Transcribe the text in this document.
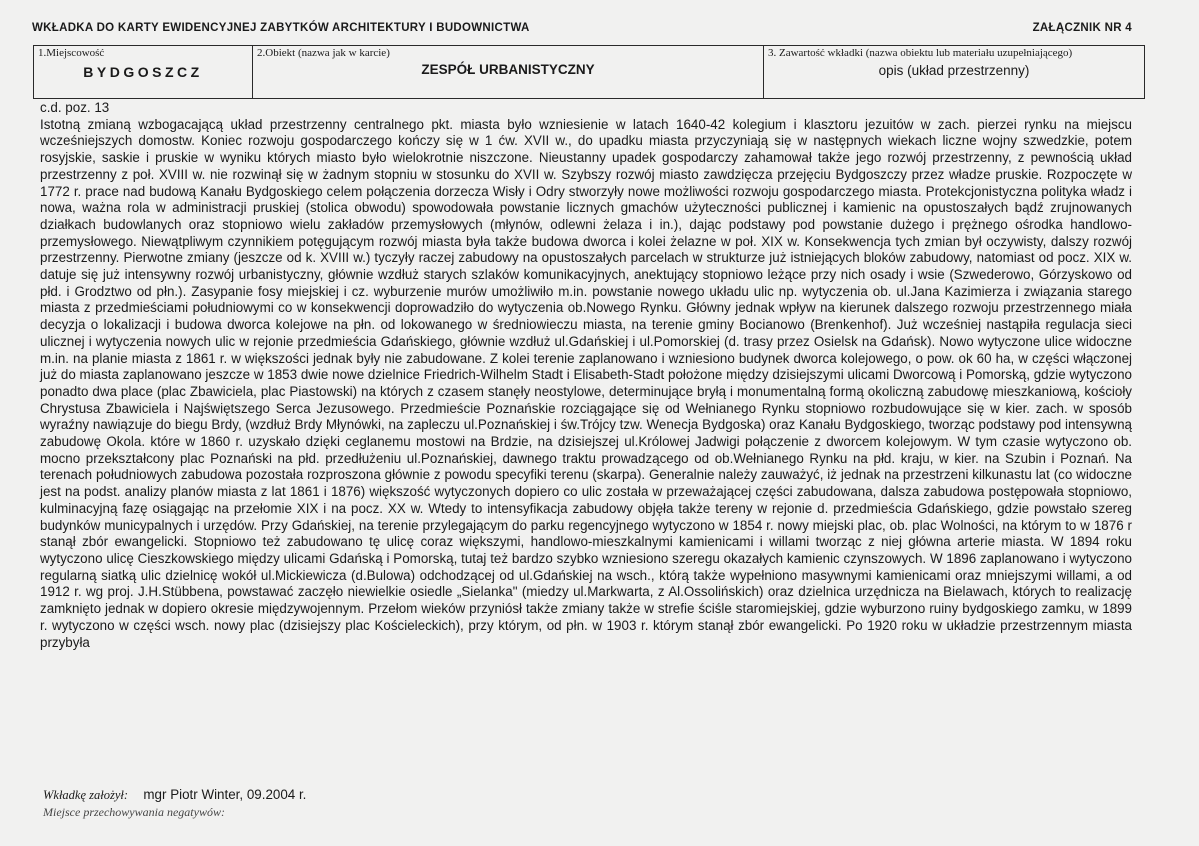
WKŁADKA DO KARTY EWIDENCYJNEJ ZABYTKÓW ARCHITEKTURY I BUDOWNICTWA	ZAŁĄCZNIK NR 4
1.Miejscowość
BYDGOSZCZ
2.Obiekt (nazwa jak w karcie)
ZESPÓŁ URBANISTYCZNY
3. Zawartość wkładki (nazwa obiektu lub materiału uzupełniającego)
opis (układ przestrzenny)

c.d. poz. 13

Istotną zmianą wzbogacającą układ przestrzenny centralnego pkt. miasta było wzniesienie w latach 1640-42 kolegium i klasztoru jezuitów w zach. pierzei rynku na miejscu wcześniejszych domostw. Koniec rozwoju gospodarczego kończy się w 1 ćw. XVII w., do upadku miasta przyczyniają się w następnych wiekach liczne wojny szwedzkie, potem rosyjskie, saskie i pruskie w wyniku których miasto było wielokrotnie niszczone. Nieustanny upadek gospodarczy zahamował także jego rozwój przestrzenny, z pewnością układ przestrzenny z poł. XVIII w. nie rozwinął się w żadnym stopniu w stosunku do XVII w. Szybszy rozwój miasto zawdzięcza przejęciu Bydgoszczy przez władze pruskie. Rozpoczęte w 1772 r. prace nad budową Kanału Bydgoskiego celem połączenia dorzecza Wisły i Odry stworzyły nowe możliwości rozwoju gospodarczego miasta. Protekcjonistyczna polityka władz i nowa, ważna rola w administracji pruskiej (stolica obwodu) spowodowała powstanie licznych gmachów użyteczności publicznej i kamienic na opustoszałych bądź zrujnowanych działkach budowlanych oraz stopniowo wielu zakładów przemysłowych (młynów, odlewni żelaza i in.), dając podstawy pod powstanie dużego i prężnego ośrodka handlowo-przemysłowego. Niewątpliwym czynnikiem potęgującym rozwój miasta była także budowa dworca i kolei żelazne w poł. XIX w. Konsekwencja tych zmian był oczywisty, dalszy rozwój przestrzenny. Pierwotne zmiany (jeszcze od k. XVIII w.) tyczyły raczej zabudowy na opustoszałych parcelach w strukturze już istniejących bloków zabudowy, natomiast od pocz. XIX w. datuje się już intensywny rozwój urbanistyczny, głównie wzdłuż starych szlaków komunikacyjnych, anektujący stopniowo leżące przy nich osady i wsie (Szwederowo, Górzyskowo od płd. i Grodztwo od płn.). Zasypanie fosy miejskiej i cz. wyburzenie murów umożliwiło m.in. powstanie nowego układu ulic np. wytyczenia ob. ul.Jana Kazimierza i związania starego miasta z przedmieściami południowymi co w konsekwencji doprowadziło do wytyczenia ob.Nowego Rynku. Główny jednak wpływ na kierunek dalszego rozwoju przestrzennego miała decyzja o lokalizacji i budowa dworca kolejowe na płn. od lokowanego w średniowieczu miasta, na terenie gminy Bocianowo (Brenkenhof). Już wcześniej nastąpiła regulacja sieci ulicznej i wytyczenia nowych ulic w rejonie przedmieścia Gdańskiego, głównie wzdłuż ul.Gdańskiej i ul.Pomorskiej (d. trasy przez Osielsk na Gdańsk). Nowo wytyczone ulice widoczne m.in. na planie miasta z 1861 r. w większości jednak były nie zabudowane. Z kolei terenie zaplanowano i wzniesiono budynek dworca kolejowego, o pow. ok 60 ha, w części włączonej już do miasta zaplanowano jeszcze w 1853 dwie nowe dzielnice Friedrich-Wilhelm Stadt i Elisabeth-Stadt położone między dzisiejszymi ulicami Dworcową i Pomorską, gdzie wytyczono ponadto dwa place (plac Zbawiciela, plac Piastowski) na których z czasem stanęły neostylowe, determinujące bryłą i monumentalną formą okoliczną zabudowę mieszkaniową, kościoły Chrystusa Zbawiciela i Najświętszego Serca Jezusowego. Przedmieście Poznańskie rozciągające się od Wełnianego Rynku stopniowo rozbudowujące się w kier. zach. w sposób wyraźny nawiązuje do biegu Brdy, (wzdłuż Brdy Młynówki, na zapleczu ul.Poznańskiej i św.Trójcy tzw. Wenecja Bydgoska) oraz Kanału Bydgoskiego, tworząc podstawy pod intensywną zabudowę Okola. które w 1860 r. uzyskało dzięki ceglanemu mostowi na Brdzie, na dzisiejszej ul.Królowej Jadwigi połączenie z dworcem kolejowym. W tym czasie wytyczono ob. mocno przekształcony plac Poznański na płd. przedłużeniu ul.Poznańskiej, dawnego traktu prowadzącego od ob.Wełnianego Rynku na płd. kraju, w kier. na Szubin i Poznań. Na terenach południowych zabudowa pozostała rozproszona głównie z powodu specyfiki terenu (skarpa). Generalnie należy zauważyć, iż jednak na przestrzeni kilkunastu lat (co widoczne jest na podst. analizy planów miasta z lat 1861 i 1876) większość wytyczonych dopiero co ulic została w przeważającej części zabudowana, dalsza zabudowa postępowała stopniowo, kulminacyjną fazę osiągając na przełomie XIX i na pocz. XX w. Wtedy to intensyfikacja zabudowy objęła także tereny w rejonie d. przedmieścia Gdańskiego, gdzie powstało szereg budynków municypalnych i urzędów. Przy Gdańskiej, na terenie przylegającym do parku regencyjnego wytyczono w 1854 r. nowy miejski plac, ob. plac Wolności, na którym to w 1876 r stanął zbór ewangelicki. Stopniowo też zabudowano tę ulicę coraz większymi, handlowo-mieszkalnymi kamienicami i willami tworząc z niej główna arterie miasta. W 1894 roku wytyczono ulicę Cieszkowskiego między ulicami Gdańską i Pomorską, tutaj też bardzo szybko wzniesiono szeregu okazałych kamienic czynszowych. W 1896 zaplanowano i wytyczono regularną siatką ulic dzielnicę wokół ul.Mickiewicza (d.Bulowa) odchodzącej od ul.Gdańskiej na wsch., którą także wypełniono masywnymi kamienicami oraz mniejszymi willami, a od 1912 r. wg proj. J.H.Stübbena, powstawać zaczęło niewielkie osiedle „Sielanka" (miedzy ul.Markwarta, z Al.Ossolińskich) oraz dzielnica urzędnicza na Bielawach, których to realizację zamknięto jednak w dopiero okresie międzywojennym. Przełom wieków przyniósł także zmiany także w strefie ściśle staromiejskiej, gdzie wyburzono ruiny bydgoskiego zamku, w 1899 r. wytyczono w części wsch. nowy plac (dzisiejszy plac Kościeleckich), przy którym, od płn. w 1903 r. którym stanął zbór ewangelicki. Po 1920 roku w układzie przestrzennym miasta przybyła

Wkładkę założył: mgr Piotr Winter, 09.2004 r.
Miejsce przechowywania negatywów:
